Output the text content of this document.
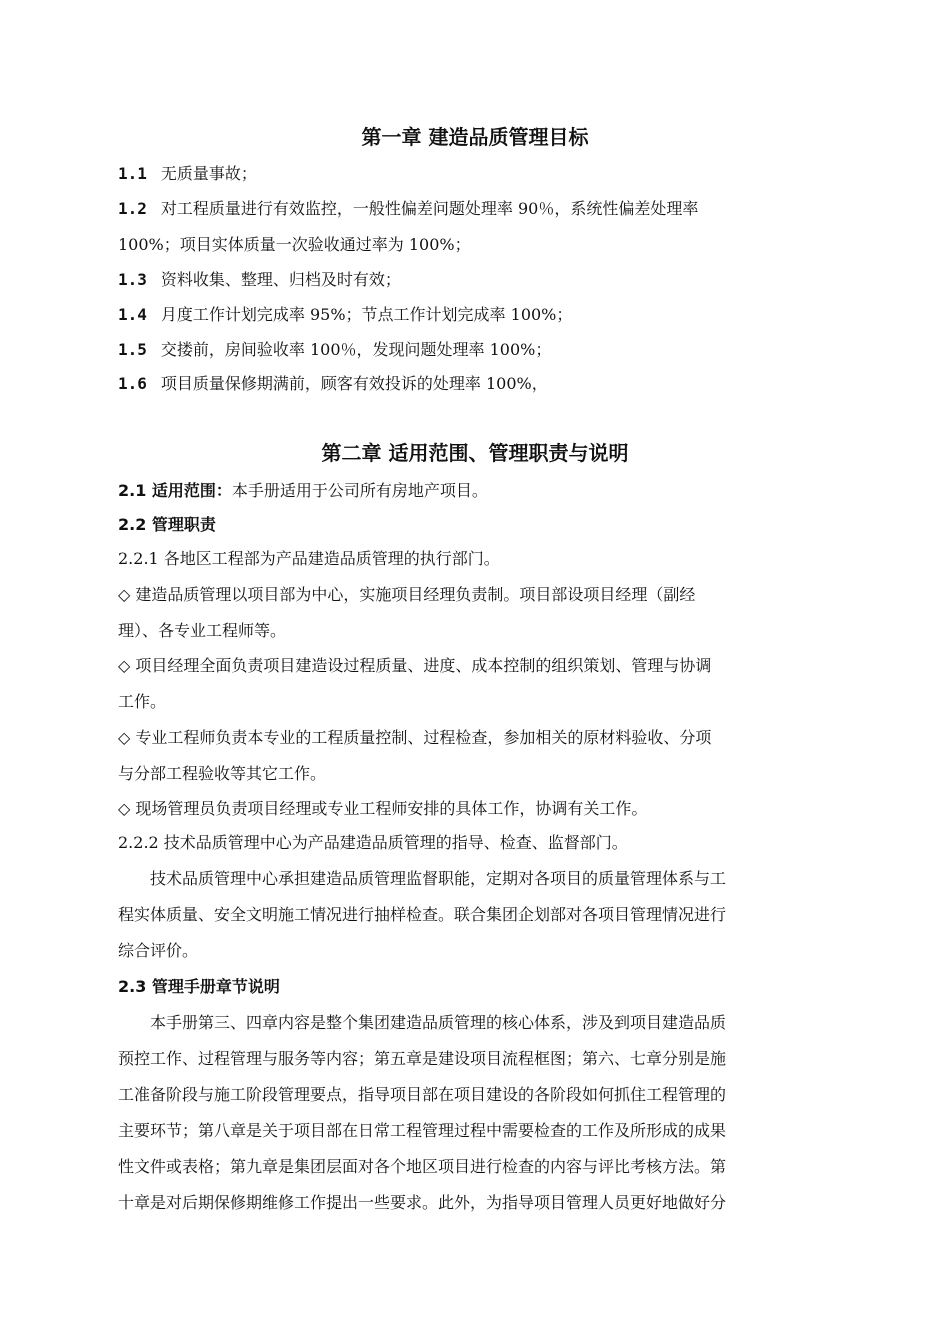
第一章 建造品质管理目标
1.1 无质量事故；
1.2 对工程质量进行有效监控，一般性偏差问题处理率 90％，系统性偏差处理率
100%；项目实体质量一次验收通过率为 100%；
1.3 资料收集、整理、归档及时有效；
1.4 月度工作计划完成率 95%；节点工作计划完成率 100%；
1.5 交搂前，房间验收率 100％，发现问题处理率 100%；
1.6 项目质量保修期满前，顾客有效投诉的处理率 100%，
第二章 适用范围、管理职责与说明
2.1 适用范围：本手册适用于公司所有房地产项目。
2.2 管理职责
2.2.1 各地区工程部为产品建造品质管理的执行部门。
◇ 建造品质管理以项目部为中心，实施项目经理负责制。项目部设项目经理（副经
理）、各专业工程师等。
◇ 项目经理全面负责项目建造设过程质量、进度、成本控制的组织策划、管理与协调
工作。
◇ 专业工程师负责本专业的工程质量控制、过程检查，参加相关的原材料验收、分项
与分部工程验收等其它工作。
◇ 现场管理员负责项目经理或专业工程师安排的具体工作，协调有关工作。
2.2.2 技术品质管理中心为产品建造品质管理的指导、检查、监督部门。
技术品质管理中心承担建造品质管理监督职能，定期对各项目的质量管理体系与工
程实体质量、安全文明施工情况进行抽样检查。联合集团企划部对各项目管理情况进行
综合评价。
2.3 管理手册章节说明
本手册第三、四章内容是整个集团建造品质管理的核心体系，涉及到项目建造品质
预控工作、过程管理与服务等内容；第五章是建设项目流程框图；第六、七章分别是施
工准备阶段与施工阶段管理要点，指导项目部在项目建设的各阶段如何抓住工程管理的
主要环节；第八章是关于项目部在日常工程管理过程中需要检查的工作及所形成的成果
性文件或表格；第九章是集团层面对各个地区项目进行检查的内容与评比考核方法。第
十章是对后期保修期维修工作提出一些要求。此外，为指导项目管理人员更好地做好分
